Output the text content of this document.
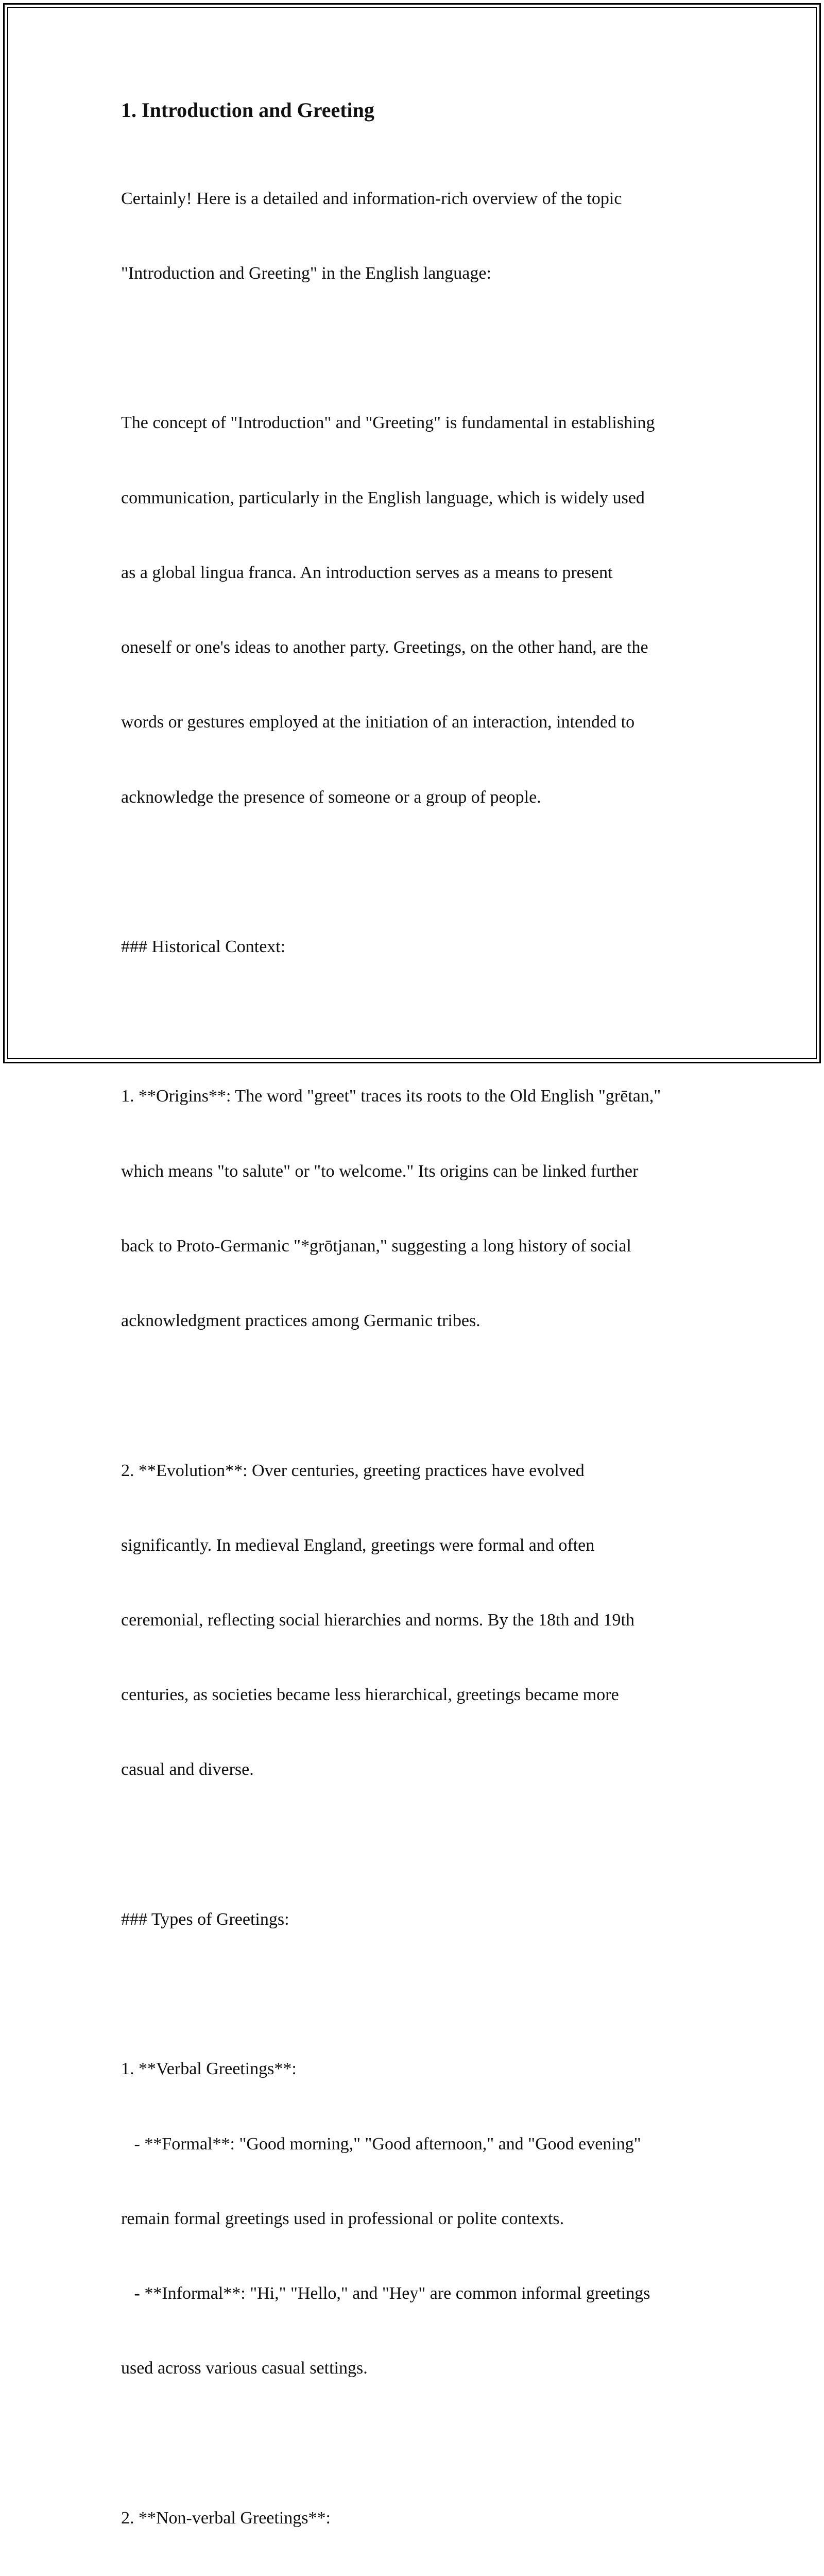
1. Introduction and Greeting

Certainly! Here is a detailed and information-rich overview of the topic

"Introduction and Greeting" in the English language:

The concept of "Introduction" and "Greeting" is fundamental in establishing

communication, particularly in the English language, which is widely used

as a global lingua franca. An introduction serves as a means to present

oneself or one's ideas to another party. Greetings, on the other hand, are the

words or gestures employed at the initiation of an interaction, intended to

acknowledge the presence of someone or a group of people.

### Historical Context:

1. **Origins**: The word "greet" traces its roots to the Old English "grētan,"

which means "to salute" or "to welcome." Its origins can be linked further

back to Proto-Germanic "*grōtjanan," suggesting a long history of social

acknowledgment practices among Germanic tribes.

2. **Evolution**: Over centuries, greeting practices have evolved

significantly. In medieval England, greetings were formal and often

ceremonial, reflecting social hierarchies and norms. By the 18th and 19th

centuries, as societies became less hierarchical, greetings became more

casual and diverse.

### Types of Greetings:

1. **Verbal Greetings**:

- **Formal**: "Good morning," "Good afternoon," and "Good evening"

remain formal greetings used in professional or polite contexts.

- **Informal**: "Hi," "Hello," and "Hey" are common informal greetings

used across various casual settings.

2. **Non-verbal Greetings**:
